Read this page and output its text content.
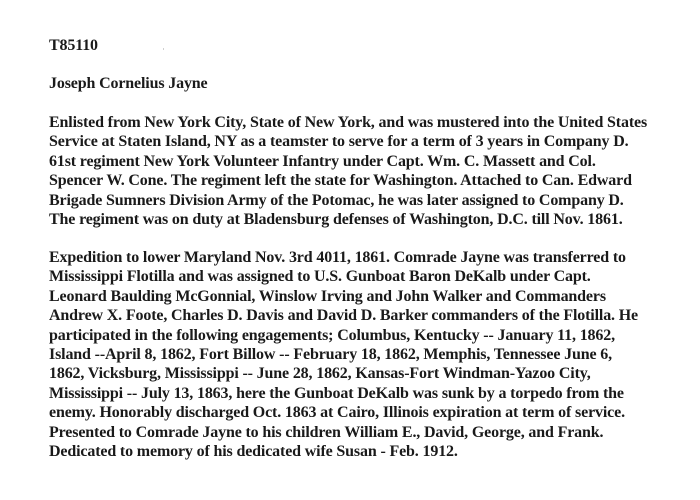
T85110

Joseph Cornelius Jayne

Enlisted from New York City, State of New York, and was mustered into the United States
Service at Staten Island, NY as a teamster to serve for a term of 3 years in Company D.
61st regiment New York Volunteer Infantry under Capt. Wm. C. Massett and Col.
Spencer W. Cone. The regiment left the state for Washington. Attached to Can. Edward
Brigade Sumners Division Army of the Potomac, he was later assigned to Company D.
The regiment was on duty at Bladensburg defenses of Washington, D.C. till Nov. 1861.

Expedition to lower Maryland Nov. 3rd 4011, 1861. Comrade Jayne was transferred to
Mississippi Flotilla and was assigned to U.S. Gunboat Baron DeKalb under Capt.
Leonard Baulding McGonnial, Winslow Irving and John Walker and Commanders
Andrew X. Foote, Charles D. Davis and David D. Barker commanders of the Flotilla. He
participated in the following engagements; Columbus, Kentucky -- January 11, 1862,
Island --April 8, 1862, Fort Billow -- February 18, 1862, Memphis, Tennessee June 6,
1862, Vicksburg, Mississippi -- June 28, 1862, Kansas-Fort Windman-Yazoo City,
Mississippi -- July 13, 1863, here the Gunboat DeKalb was sunk by a torpedo from the
enemy. Honorably discharged Oct. 1863 at Cairo, Illinois expiration at term of service.

Presented to Comrade Jayne to his children William E., David, George, and Frank.
Dedicated to memory of his dedicated wife Susan - Feb. 1912.
